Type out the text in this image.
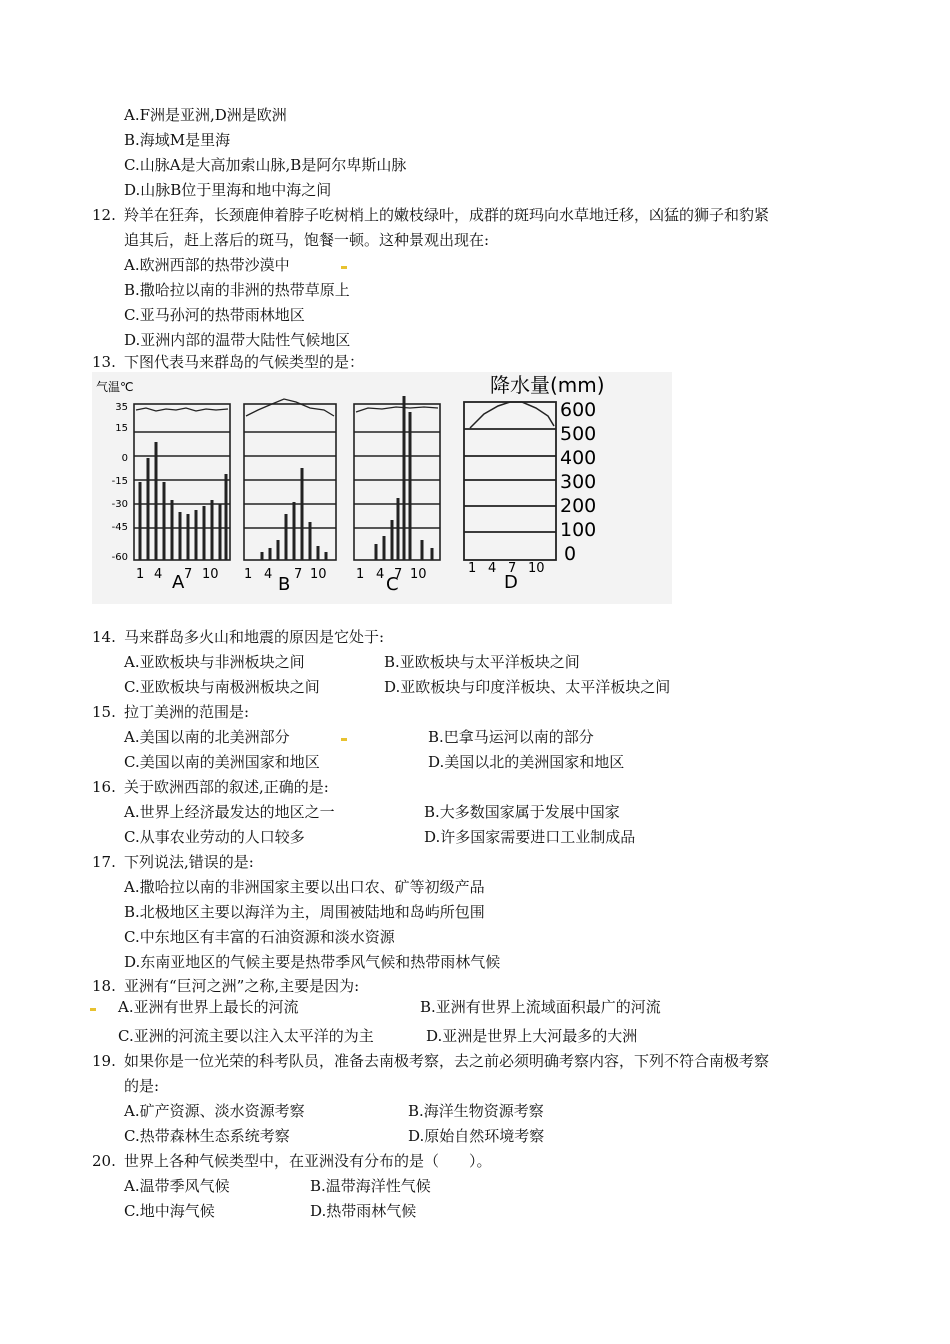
A.F洲是亚洲,D洲是欧洲
B.海域M是里海
C.山脉A是大高加索山脉,B是阿尔卑斯山脉
D.山脉B位于里海和地中海之间
12. 羚羊在狂奔，长颈鹿伸着脖子吃树梢上的嫩枝绿叶，成群的斑玛向水草地迁移，凶猛的狮子和豹紧
追其后，赶上落后的斑马，饱餐一顿。这种景观出现在:
A.欧洲西部的热带沙漠中
B.撒哈拉以南的非洲的热带草原上
C.亚马孙河的热带雨林地区
D.亚洲内部的温带大陆性气候地区
13. 下图代表马来群岛的气候类型的是：
气温℃
35
15
0
-15
-30
-45
-60
降水量(mm)
600
500
400
300
200
100
0
1 4 7 10 1 4 7 10 1 4 7 10	1 4 7 10
A	B	C	D
14. 马来群岛多火山和地震的原因是它处于:
A.亚欧板块与非洲板块之间	B.亚欧板块与太平洋板块之间
C.亚欧板块与南极洲板块之间	D.亚欧板块与印度洋板块、太平洋板块之间
15. 拉丁美洲的范围是:
A.美国以南的北美洲部分	B.巴拿马运河以南的部分
C.美国以南的美洲国家和地区	D.美国以北的美洲国家和地区
16. 关于欧洲西部的叙述,正确的是:
A.世界上经济最发达的地区之一	B.大多数国家属于发展中国家
C.从事农业劳动的人口较多	D.许多国家需要进口工业制成品
17. 下列说法,错误的是:
A.撒哈拉以南的非洲国家主要以出口农、矿等初级产品
B.北极地区主要以海洋为主，周围被陆地和岛屿所包围
C.中东地区有丰富的石油资源和淡水资源
D.东南亚地区的气候主要是热带季风气候和热带雨林气候
18. 亚洲有“巨河之洲”之称,主要是因为:
A.亚洲有世界上最长的河流	B.亚洲有世界上流域面积最广的河流
C.亚洲的河流主要以注入太平洋的为主	D.亚洲是世界上大河最多的大洲
19. 如果你是一位光荣的科考队员，准备去南极考察，去之前必须明确考察内容，下列不符合南极考察
的是:
A.矿产资源、淡水资源考察	B.海洋生物资源考察
C.热带森林生态系统考察	D.原始自然环境考察
20. 世界上各种气候类型中，在亚洲没有分布的是（　　）。
A.温带季风气候	B.温带海洋性气候
C.地中海气候	D.热带雨林气候
